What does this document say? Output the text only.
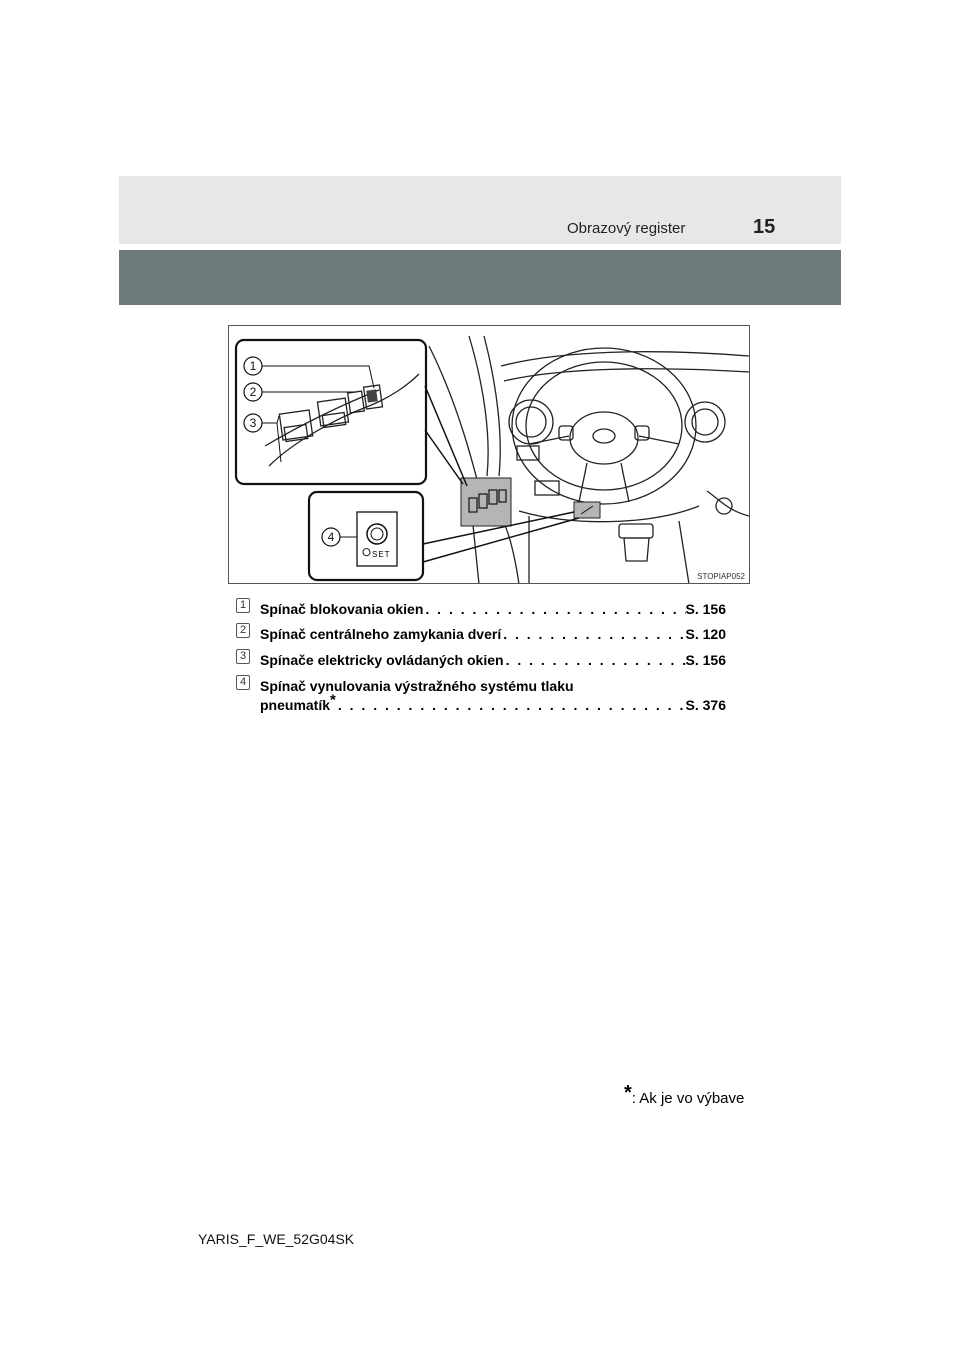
Obrazový register	15
SET
1
2
3
4
STOPIAP052
1 Spínač blokovania okien . . .	S. 156
2 Spínač centrálneho zamykania dverí . . .	S. 120
3 Spínače elektricky ovládaných okien . . .	S. 156
4 Spínač vynulovania výstražného systému tlaku
pneumatík* . . .	S. 376
*: Ak je vo výbave
YARIS_F_WE_52G04SK
